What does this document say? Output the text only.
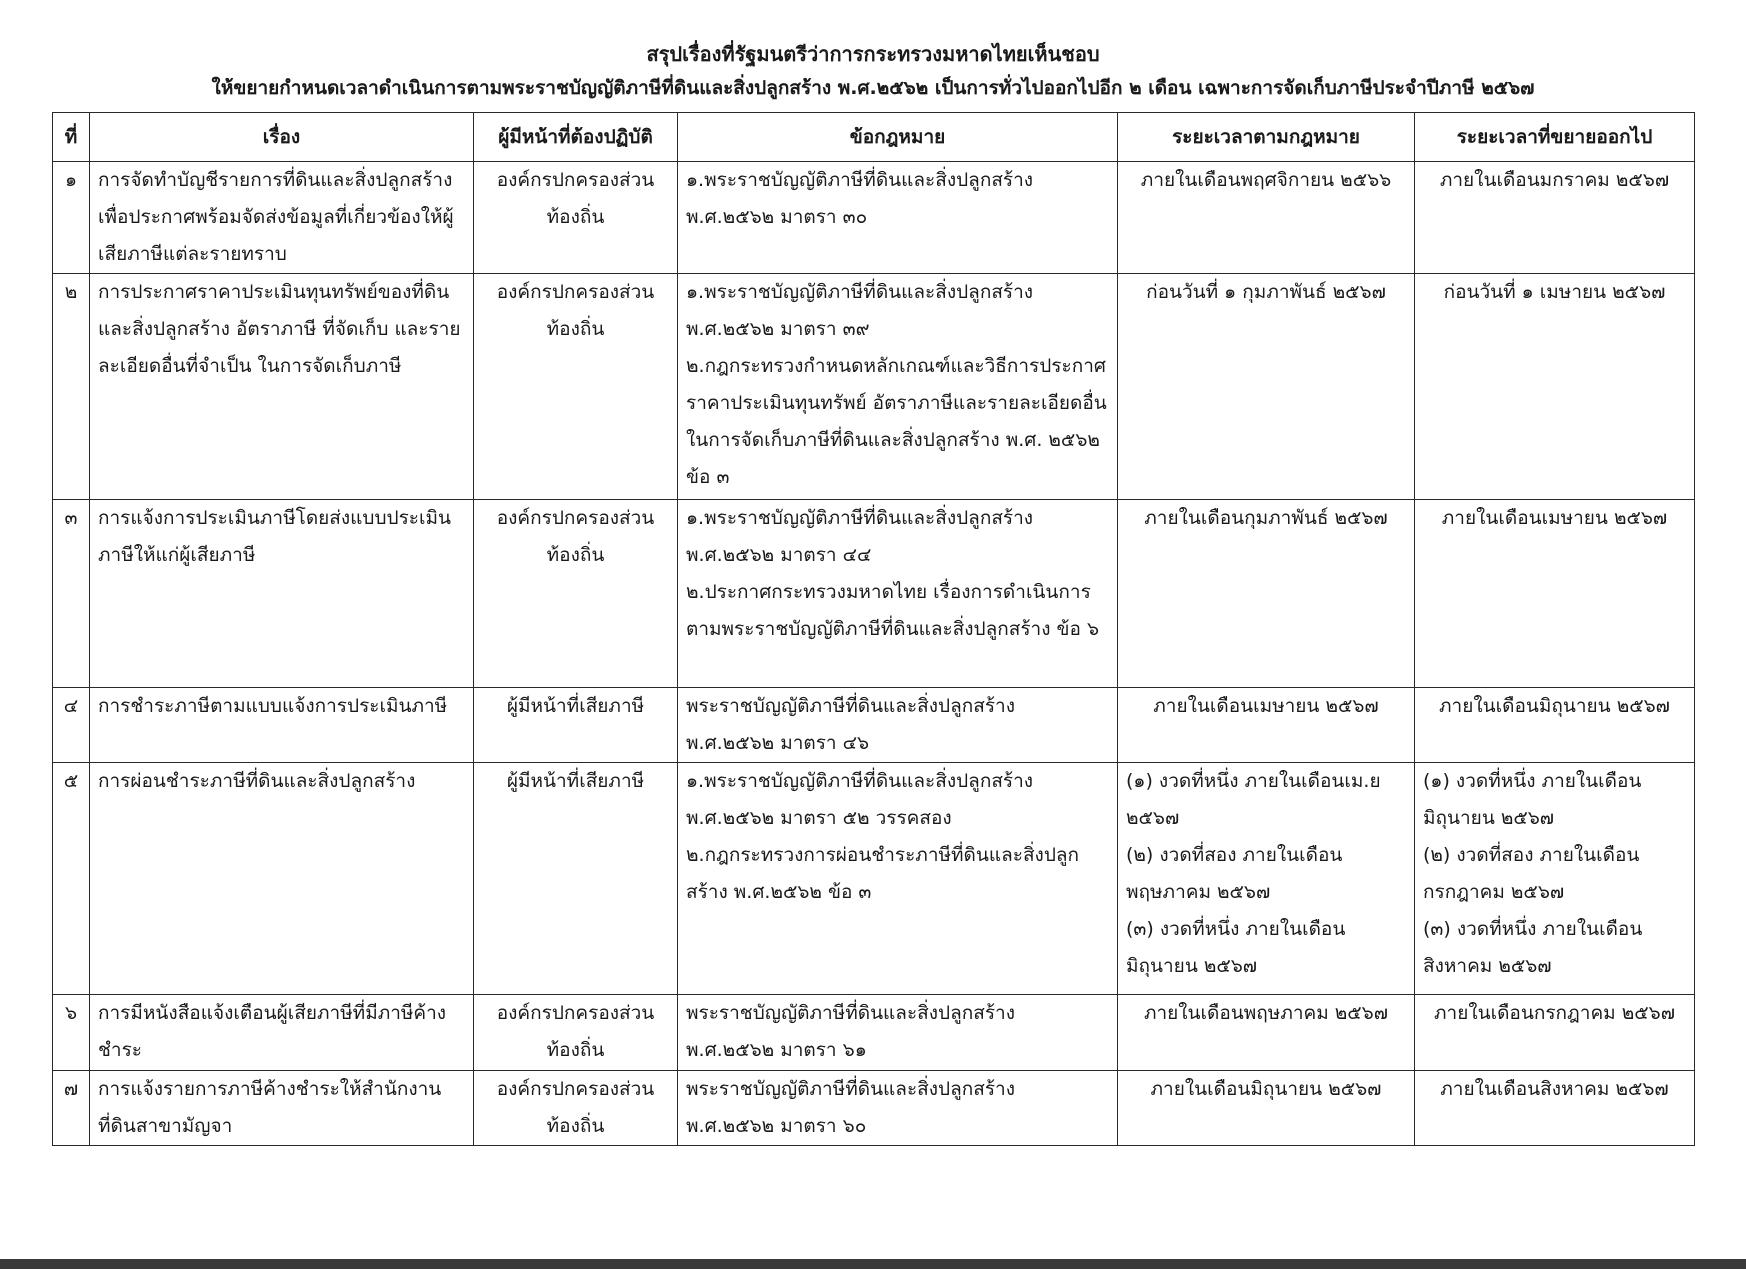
สรุปเรื่องที่รัฐมนตรีว่าการกระทรวงมหาดไทยเห็นชอบ
ให้ขยายกำหนดเวลาดำเนินการตามพระราชบัญญัติภาษีที่ดินและสิ่งปลูกสร้าง พ.ศ.๒๕๖๒ เป็นการทั่วไปออกไปอีก ๒ เดือน เฉพาะการจัดเก็บภาษีประจำปีภาษี ๒๕๖๗
ที่	เรื่อง	ผู้มีหน้าที่ต้องปฏิบัติ	ข้อกฎหมาย	ระยะเวลาตามกฎหมาย	ระยะเวลาที่ขยายออกไป
๑	การจัดทำบัญชีรายการที่ดินและสิ่งปลูกสร้างเพื่อประกาศพร้อมจัดส่งข้อมูลที่เกี่ยวข้องให้ผู้เสียภาษีแต่ละรายทราบ	องค์กรปกครองส่วนท้องถิ่น	๑.พระราชบัญญัติภาษีที่ดินและสิ่งปลูกสร้าง พ.ศ.๒๕๖๒ มาตรา ๓๐	ภายในเดือนพฤศจิกายน ๒๕๖๖	ภายในเดือนมกราคม ๒๕๖๗

๒	การประกาศราคาประเมินทุนทรัพย์ของที่ดินและสิ่งปลูกสร้าง อัตราภาษี ที่จัดเก็บ และรายละเอียดอื่นที่จำเป็น ในการจัดเก็บภาษี	องค์กรปกครองส่วนท้องถิ่น	๑.พระราชบัญญัติภาษีที่ดินและสิ่งปลูกสร้าง พ.ศ.๒๕๖๒ มาตรา ๓๙
๒.กฎกระทรวงกำหนดหลักเกณฑ์และวิธีการประกาศราคาประเมินทุนทรัพย์ อัตราภาษีและรายละเอียดอื่นในการจัดเก็บภาษีที่ดินและสิ่งปลูกสร้าง พ.ศ. ๒๕๖๒ ข้อ ๓	ก่อนวันที่ ๑ กุมภาพันธ์ ๒๕๖๗	ก่อนวันที่ ๑ เมษายน ๒๕๖๗

๓	การแจ้งการประเมินภาษีโดยส่งแบบประเมินภาษีให้แก่ผู้เสียภาษี	องค์กรปกครองส่วนท้องถิ่น	๑.พระราชบัญญัติภาษีที่ดินและสิ่งปลูกสร้าง พ.ศ.๒๕๖๒ มาตรา ๔๔
๒.ประกาศกระทรวงมหาดไทย เรื่องการดำเนินการตามพระราชบัญญัติภาษีที่ดินและสิ่งปลูกสร้าง ข้อ ๖	ภายในเดือนกุมภาพันธ์ ๒๕๖๗	ภายในเดือนเมษายน ๒๕๖๗

๔	การชำระภาษีตามแบบแจ้งการประเมินภาษี	ผู้มีหน้าที่เสียภาษี	พระราชบัญญัติภาษีที่ดินและสิ่งปลูกสร้าง พ.ศ.๒๕๖๒ มาตรา ๔๖	ภายในเดือนเมษายน ๒๕๖๗	ภายในเดือนมิถุนายน ๒๕๖๗

๕	การผ่อนชำระภาษีที่ดินและสิ่งปลูกสร้าง	ผู้มีหน้าที่เสียภาษี	๑.พระราชบัญญัติภาษีที่ดินและสิ่งปลูกสร้าง พ.ศ.๒๕๖๒ มาตรา ๕๒ วรรคสอง
๒.กฎกระทรวงการผ่อนชำระภาษีที่ดินและสิ่งปลูกสร้าง พ.ศ.๒๕๖๒ ข้อ ๓	(๑) งวดที่หนึ่ง ภายในเดือนเม.ย ๒๕๖๗
(๒) งวดที่สอง ภายในเดือนพฤษภาคม ๒๕๖๗
(๓) งวดที่หนึ่ง ภายในเดือนมิถุนายน ๒๕๖๗	(๑) งวดที่หนึ่ง ภายในเดือนมิถุนายน ๒๕๖๗
(๒) งวดที่สอง ภายในเดือนกรกฎาคม ๒๕๖๗
(๓) งวดที่หนึ่ง ภายในเดือนสิงหาคม ๒๕๖๗

๖	การมีหนังสือแจ้งเตือนผู้เสียภาษีที่มีภาษีค้างชำระ	องค์กรปกครองส่วนท้องถิ่น	พระราชบัญญัติภาษีที่ดินและสิ่งปลูกสร้าง พ.ศ.๒๕๖๒ มาตรา ๖๑	ภายในเดือนพฤษภาคม ๒๕๖๗	ภายในเดือนกรกฎาคม ๒๕๖๗

๗	การแจ้งรายการภาษีค้างชำระให้สำนักงานที่ดินสาขามัญจา	องค์กรปกครองส่วนท้องถิ่น	พระราชบัญญัติภาษีที่ดินและสิ่งปลูกสร้าง พ.ศ.๒๕๖๒ มาตรา ๖๐	ภายในเดือนมิถุนายน ๒๕๖๗	ภายในเดือนสิงหาคม ๒๕๖๗
